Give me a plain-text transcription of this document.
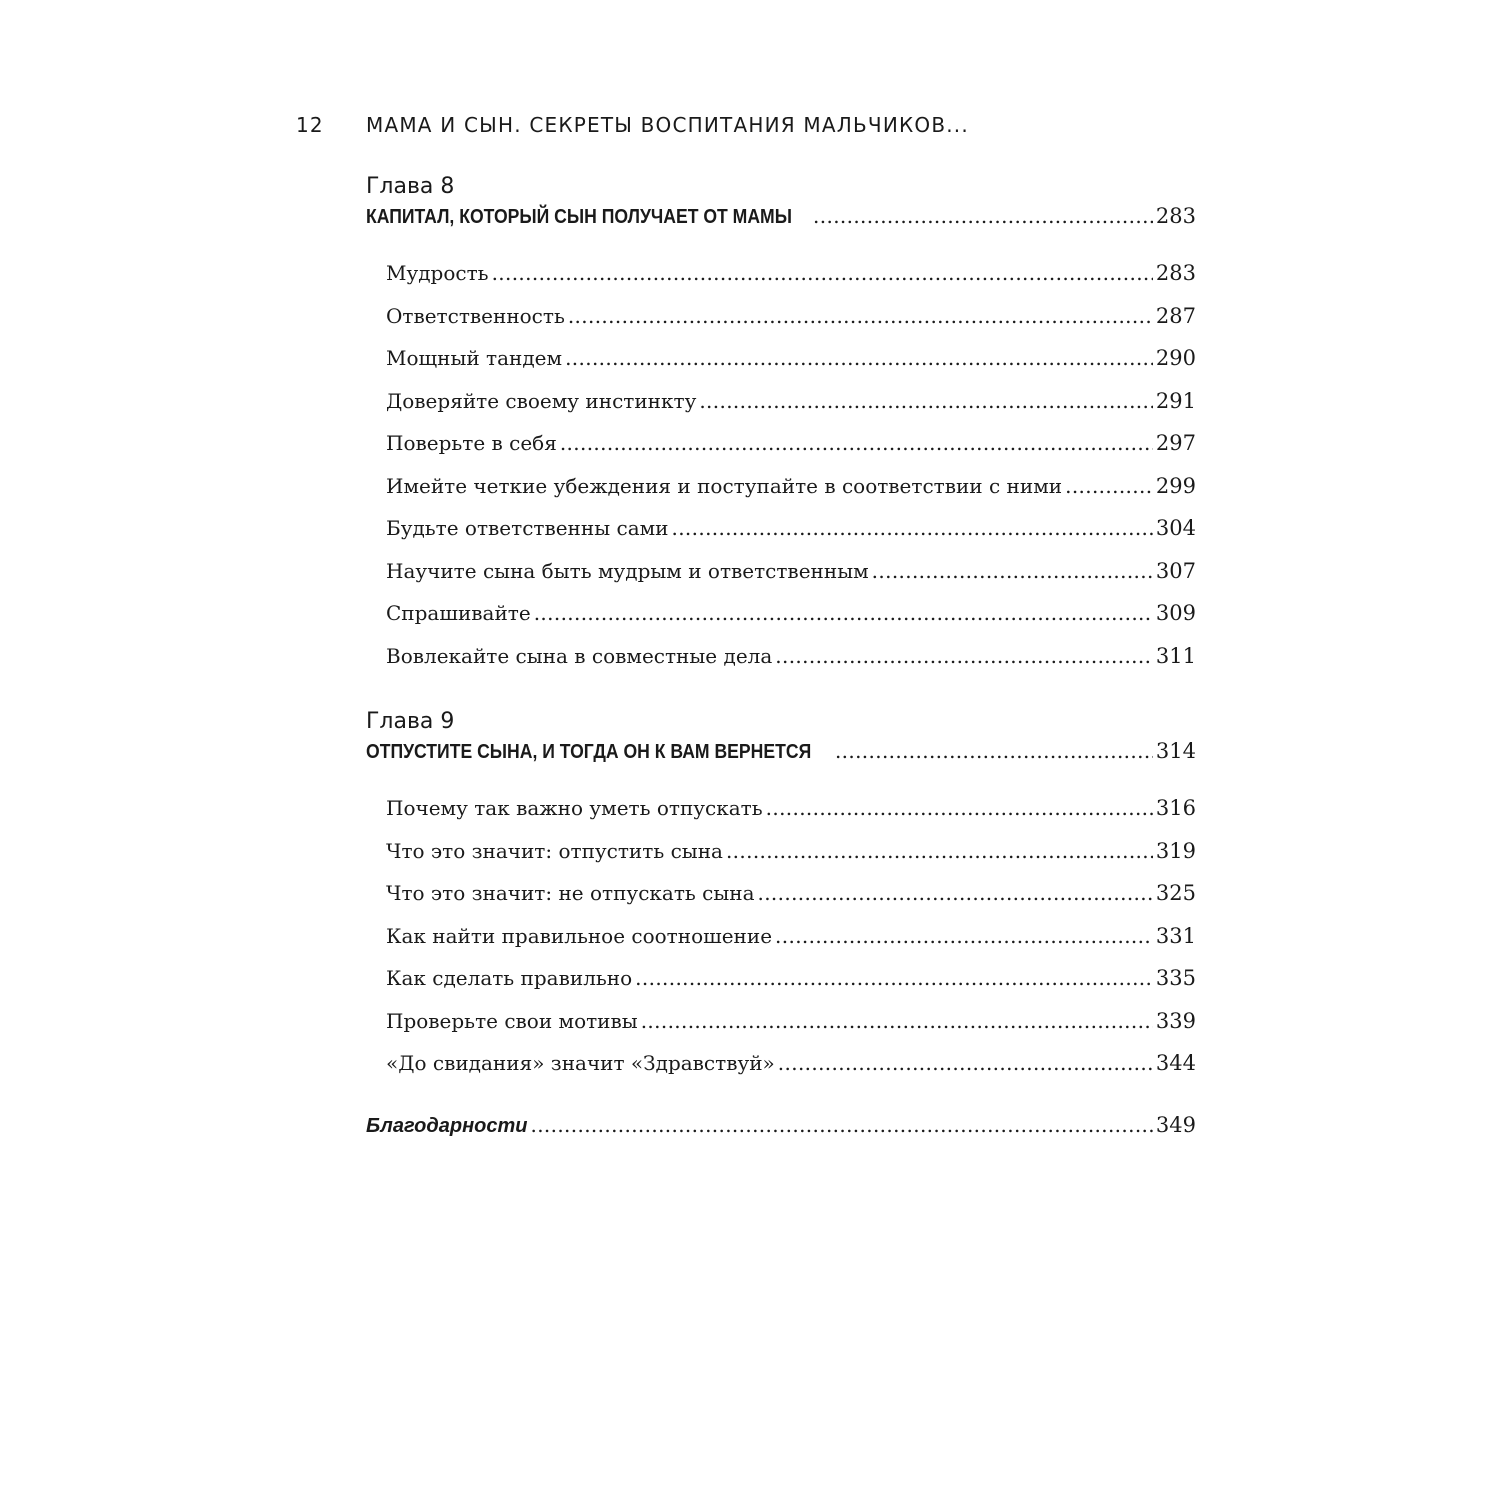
12 МАМА И СЫН. СЕКРЕТЫ ВОСПИТАНИЯ МАЛЬЧИКОВ...
Глава 8
КАПИТАЛ, КОТОРЫЙ СЫН ПОЛУЧАЕТ ОТ МАМЫ . . .	283
Мудрость . . .	283
Ответственность . . .	287
Мощный тандем . . .	290
Доверяйте своему инстинкту . . .	291
Поверьте в себя . . .	297
Имейте четкие убеждения и поступайте в соответствии с ними . . .	299
Будьте ответственны сами . . .	304
Научите сына быть мудрым и ответственным . . .	307
Спрашивайте . . .	309
Вовлекайте сына в совместные дела . . .	311
Глава 9
ОТПУСТИТЕ СЫНА, И ТОГДА ОН К ВАМ ВЕРНЕТСЯ . . .	314
Почему так важно уметь отпускать . . .	316
Что это значит: отпустить сына . . .	319
Что это значит: не отпускать сына . . .	325
Как найти правильное соотношение . . .	331
Как сделать правильно . . .	335
Проверьте свои мотивы . . .	339
«До свидания» значит «Здравствуй» . . .	344
Благодарности . . .	349
